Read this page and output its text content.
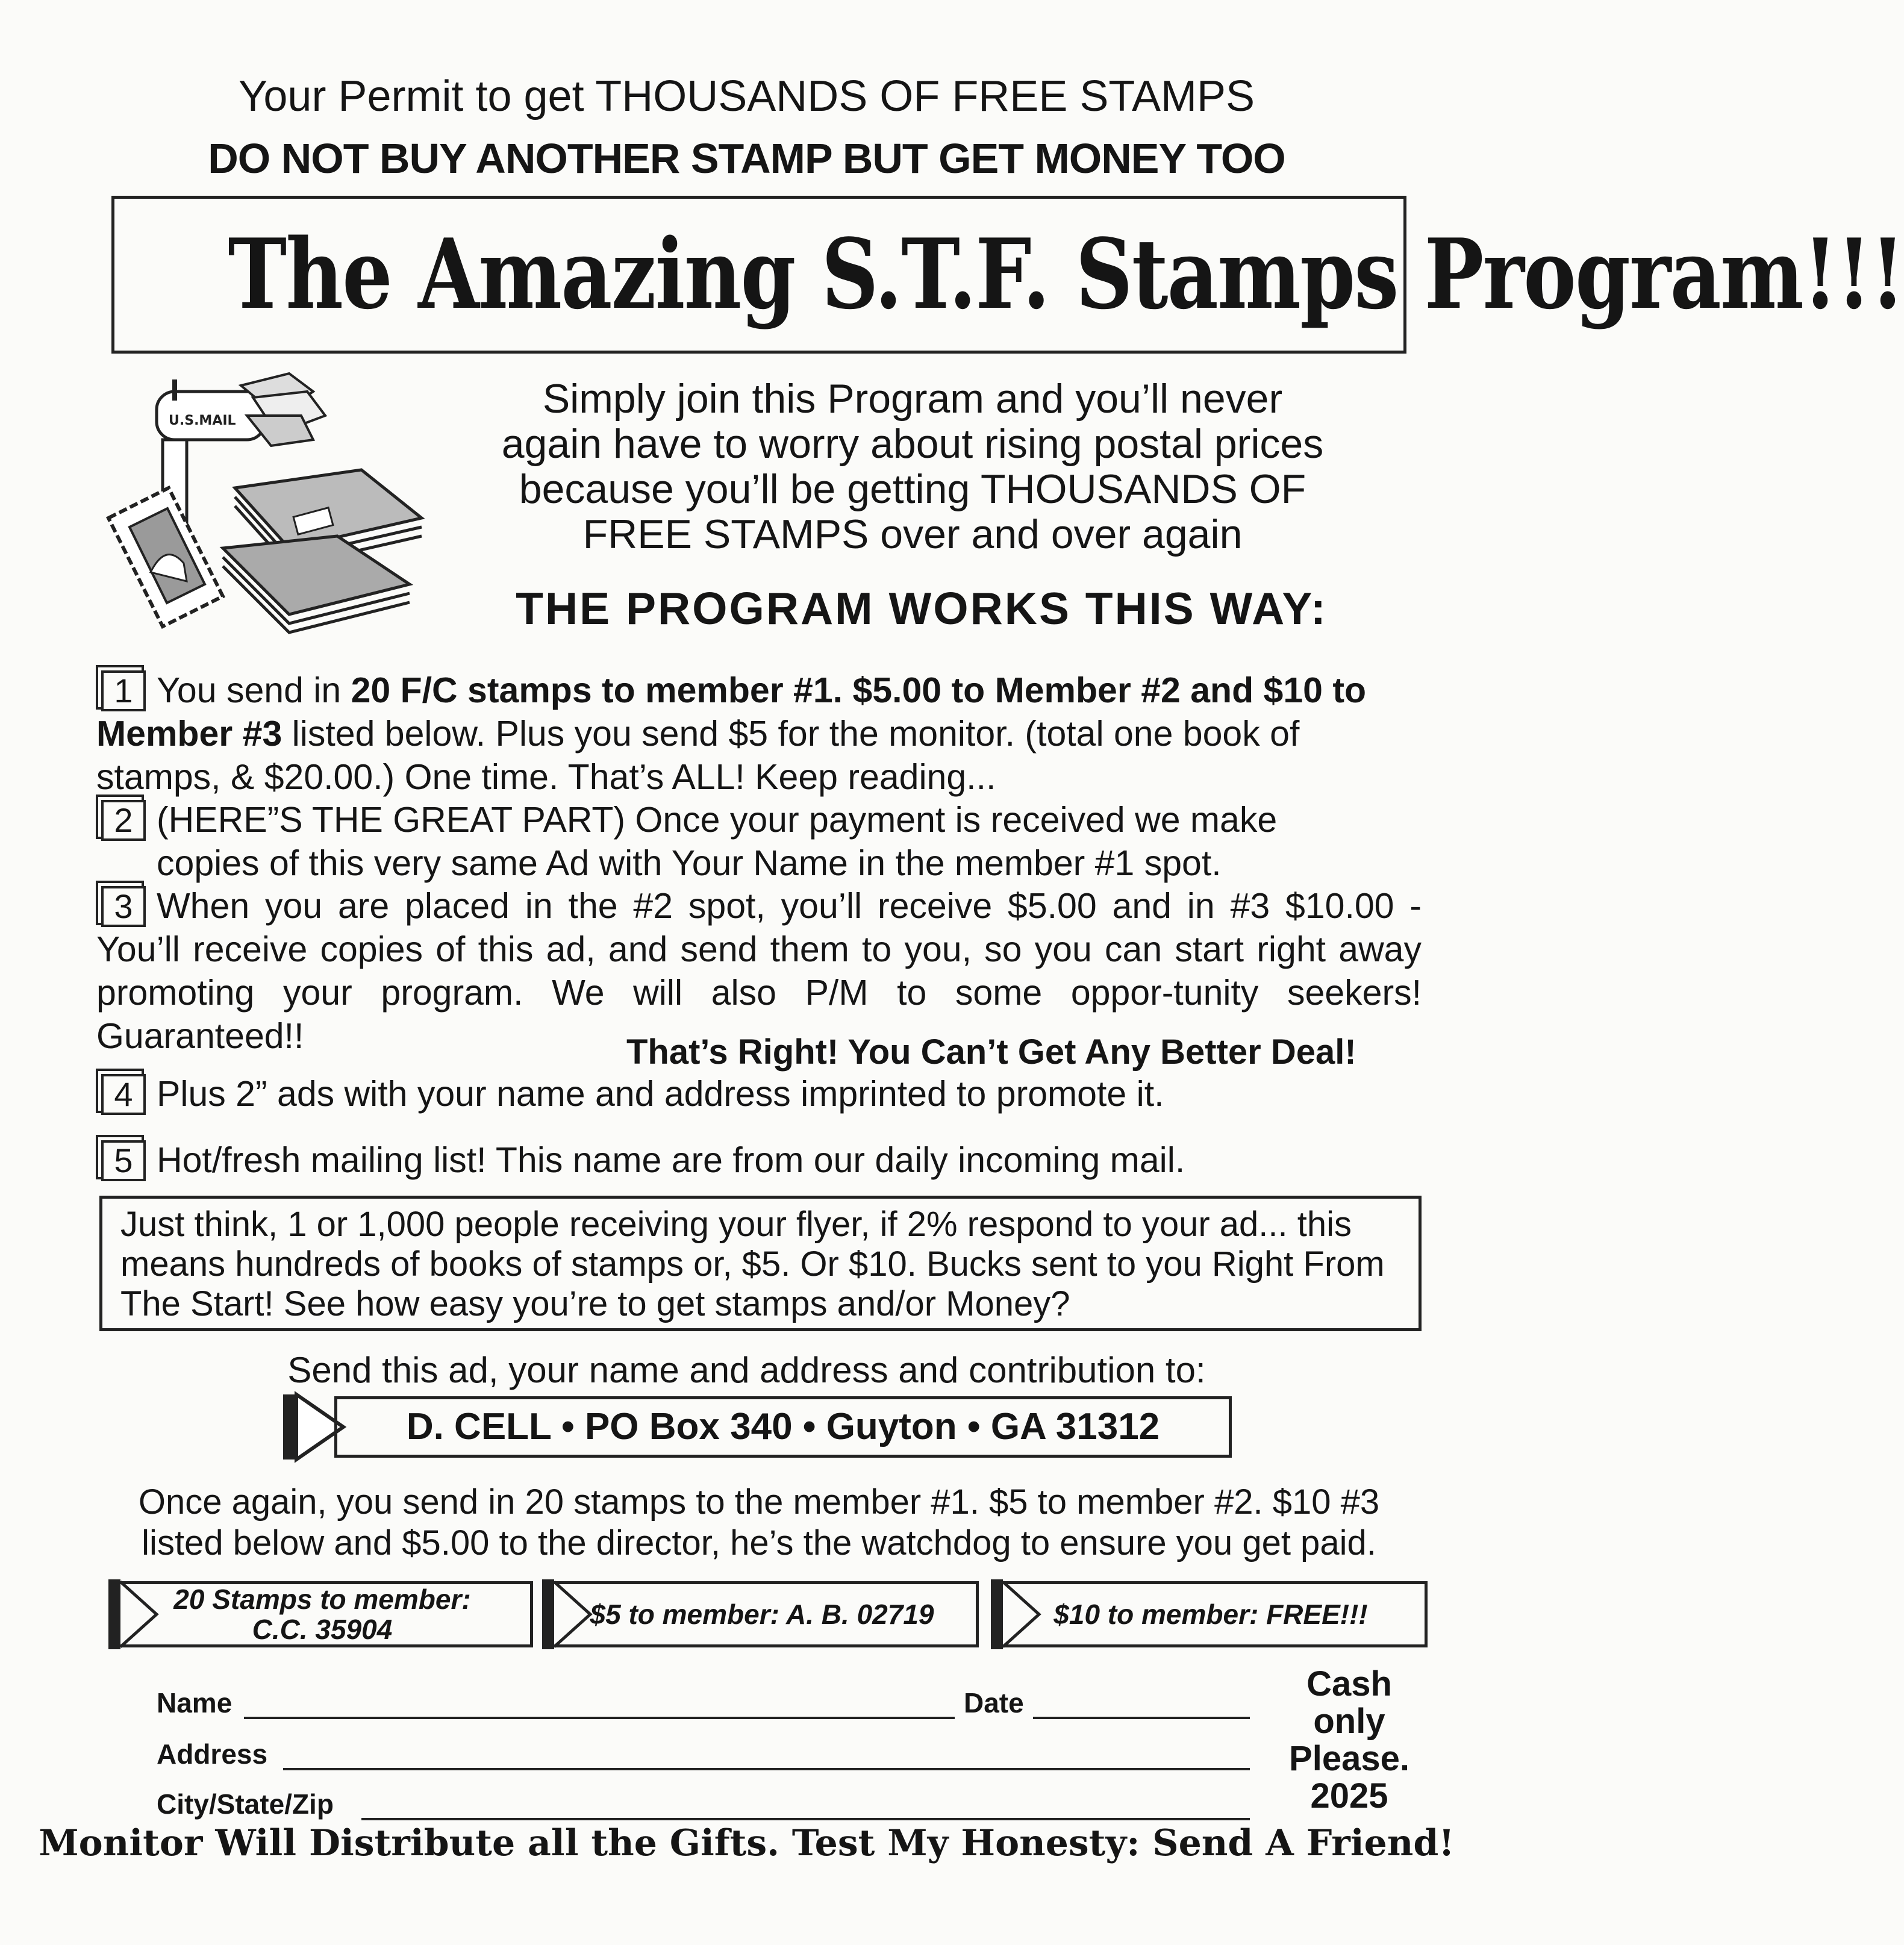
Your Permit to get THOUSANDS OF FREE STAMPS
DO NOT BUY ANOTHER STAMP BUT GET MONEY TOO
The Amazing S.T.F. Stamps Program!!!
U.S.MAIL	Simply join this Program and you’ll never
again have to worry about rising postal prices
because you’ll be getting THOUSANDS OF
FREE STAMPS over and over again
THE PROGRAM WORKS THIS WAY:
1 You send in 20 F/C stamps to member #1. $5.00 to Member #2 and $10 to Member #3 listed below. Plus you send $5 for the monitor. (total one book of stamps, & $20.00.) One time. That’s ALL! Keep reading...
2 (HERE”S THE GREAT PART) Once your payment is received we make
copies of this very same Ad with Your Name in the member #1 spot.
3 When you are placed in the #2 spot, you’ll receive $5.00 and in #3 $10.00 - You’ll receive copies of this ad, and send them to you, so you can start right away promoting your program. We will also P/M to some oppor-tunity seekers! Guaranteed!!	That’s Right! You Can’t Get Any Better Deal!
4 Plus 2” ads with your name and address imprinted to promote it.
5 Hot/fresh mailing list! This name are from our daily incoming mail.
Just think, 1 or 1,000 people receiving your flyer, if 2% respond to your ad... this means hundreds of books of stamps or, $5. Or $10. Bucks sent to you Right From The Start! See how easy you’re to get stamps and/or Money?
Send this ad, your name and address and contribution to:
D. CELL • PO Box 340 • Guyton • GA 31312
Once again, you send in 20 stamps to the member #1. $5 to member #2. $10 #3 listed below and $5.00 to the director, he’s the watchdog to ensure you get paid.
20 Stamps to member:
C.C. 35904	$5 to member: A. B. 02719	$10 to member: FREE!!!
Name	Date
Address
City/State/Zip
Cash
only
Please.
2025
Monitor Will Distribute all the Gifts. Test My Honesty: Send A Friend!
